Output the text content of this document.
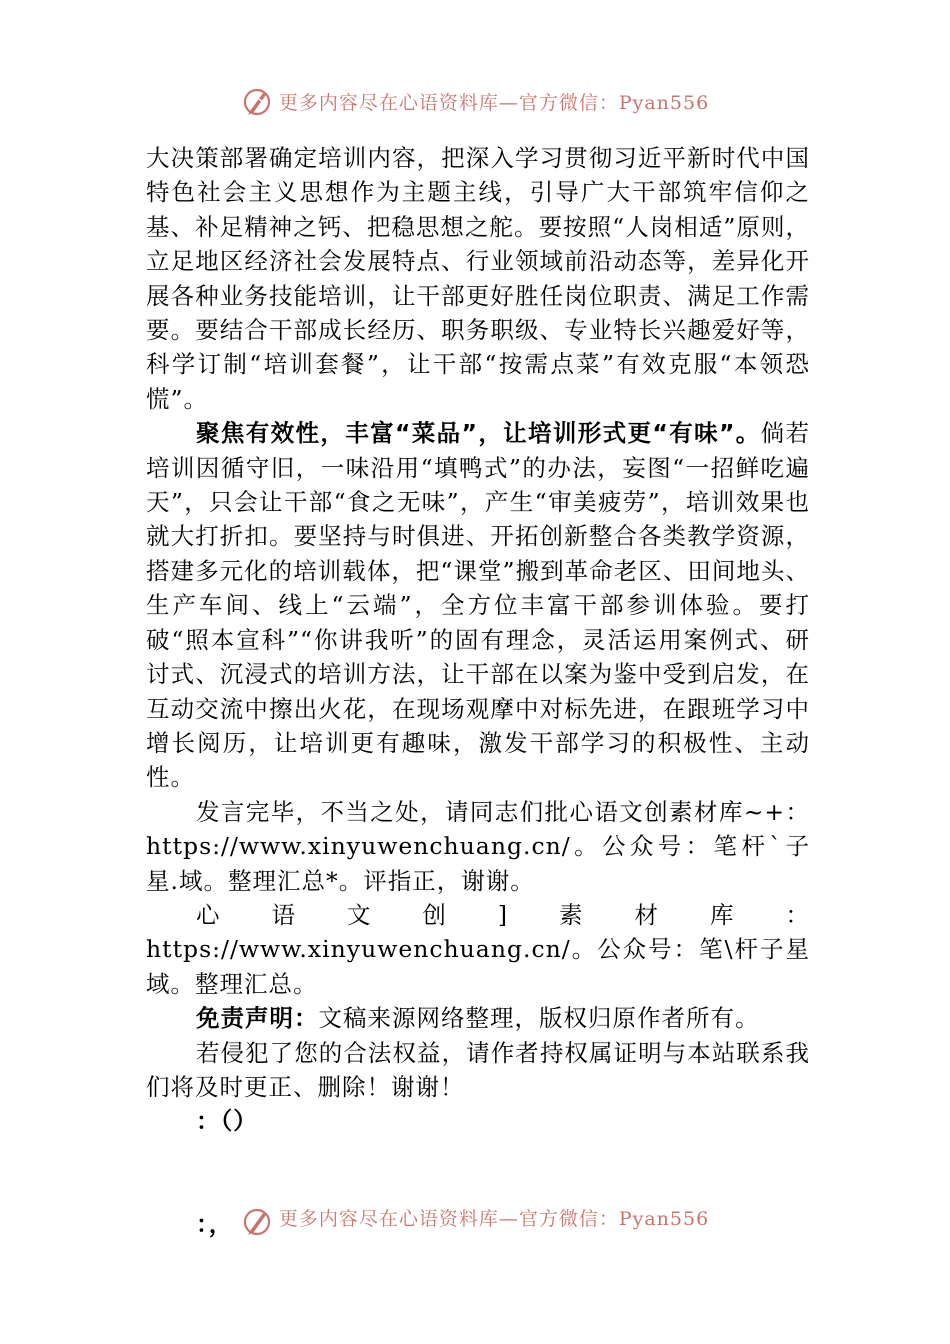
更多内容尽在心语资料库—官方微信：Pyan556

大决策部署确定培训内容，把深入学习贯彻习近平新时代中国特色社会主义思想作为主题主线，引导广大干部筑牢信仰之基、补足精神之钙、把稳思想之舵。要按照“人岗相适”原则，立足地区经济社会发展特点、行业领域前沿动态等，差异化开展各种业务技能培训，让干部更好胜任岗位职责、满足工作需要。要结合干部成长经历、职务职级、专业特长兴趣爱好等，科学订制“培训套餐”，让干部“按需点菜”有效克服“本领恐慌”。

聚焦有效性，丰富“菜品”，让培训形式更“有味”。倘若培训因循守旧，一味沿用“填鸭式”的办法，妄图“一招鲜吃遍天”，只会让干部“食之无味”，产生“审美疲劳”，培训效果也就大打折扣。要坚持与时俱进、开拓创新整合各类教学资源，搭建多元化的培训载体，把“课堂”搬到革命老区、田间地头、生产车间、线上“云端”，全方位丰富干部参训体验。要打破“照本宣科”“你讲我听”的固有理念，灵活运用案例式、研讨式、沉浸式的培训方法，让干部在以案为鉴中受到启发，在互动交流中擦出火花，在现场观摩中对标先进，在跟班学习中增长阅历，让培训更有趣味，激发干部学习的积极性、主动性。

发言完毕，不当之处，请同志们批心语文创素材库~+：https://www.xinyuwenchuang.cn/。公众号：笔杆`子星.域。整理汇总*。评指正，谢谢。

心语文创]素材库：https://www.xinyuwenchuang.cn/。公众号：笔\杆子星域。整理汇总。

免责声明：文稿来源网络整理，版权归原作者所有。

若侵犯了您的合法权益，请作者持权属证明与本站联系我们将及时更正、删除！谢谢！

：（）

：，	更多内容尽在心语资料库—官方微信：Pyan556
